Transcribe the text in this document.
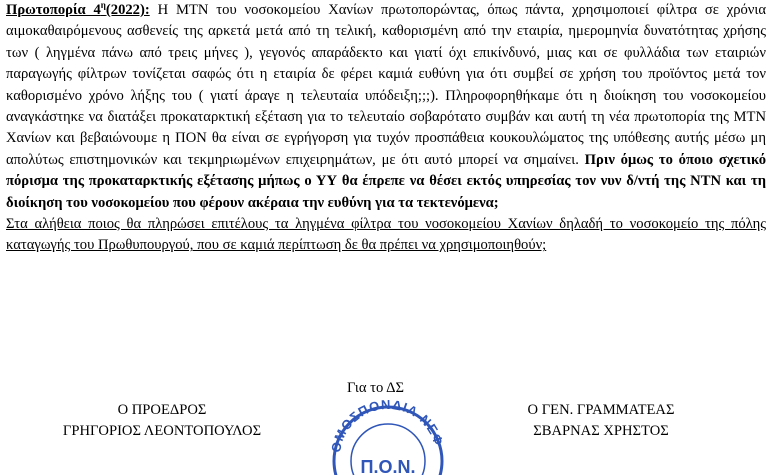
Πρωτοπορία $4^\eta(2022)$: Η ΜΤΝ του νοσοκομείου Χανίων πρωτοπορώντας, όπως πάντα, χρησιμοποιεί φίλτρα σε χρόνια αιμοκαθαιρόμενους ασθενείς της αρκετά μετά από τη τελική, καθορισμένη από την εταιρία, ημερομηνία δυνατότητας χρήσης των ( ληγμένα πάνω από τρεις μήνες ), γεγονός απαράδεκτο και γιατί όχι επικίνδυνό, μιας και σε φυλλάδια των εταιριών παραγωγής φίλτρων τονίζεται σαφώς ότι η εταιρία δε φέρει καμιά ευθύνη για ότι συμβεί σε χρήση του προϊόντος μετά τον καθορισμένο χρόνο λήξης του ( γιατί άραγε η τελευταία υπόδειξη;;;). Πληροφορηθήκαμε ότι η διοίκηση του νοσοκομείου αναγκάστηκε να διατάξει προκαταρκτική εξέταση για το τελευταίο σοβαρότατο συμβάν και αυτή τη νέα πρωτοπορία της ΜΤΝ Χανίων και βεβαιώνουμε η ΠΟΝ θα είναι σε εγρήγορση για τυχόν προσπάθεια κουκουλώματος της υπόθεσης αυτής μέσω μη απολύτως επιστημονικών και τεκμηριωμένων επιχειρημάτων, με ότι αυτό μπορεί να σημαίνει. Πριν όμως το όποιο σχετικό πόρισμα της προκαταρκτικής εξέτασης μήπως ο ΥΥ θα έπρεπε να θέσει εκτός υπηρεσίας τον νυν δ/ντή της ΝΤΝ και τη διοίκηση του νοσοκομείου που φέρουν ακέραια την ευθύνη για τα τεκτενόμενα;

Στα αλήθεια ποιος θα πληρώσει επιτέλους τα ληγμένα φίλτρα του νοσοκομείου Χανίων δηλαδή το νοσοκομείο της πόλης καταγωγής του Πρωθυπουργού, που σε καμιά περίπτωση δε θα πρέπει να χρησιμοποιηθούν;

Για το ΔΣ
Ο ΠΡΟΕΔΡΟΣ
ΓΡΗΓΟΡΙΟΣ ΛΕΟΝΤΟΠΟΥΛΟΣ
ΟΜΟΣΠΟΝΔΙΑ ΝΕΦ
Π.Ο.Ν.
Ο ΓΕΝ. ΓΡΑΜΜΑΤΕΑΣ
ΣΒΑΡΝΑΣ ΧΡΗΣΤΟΣ
